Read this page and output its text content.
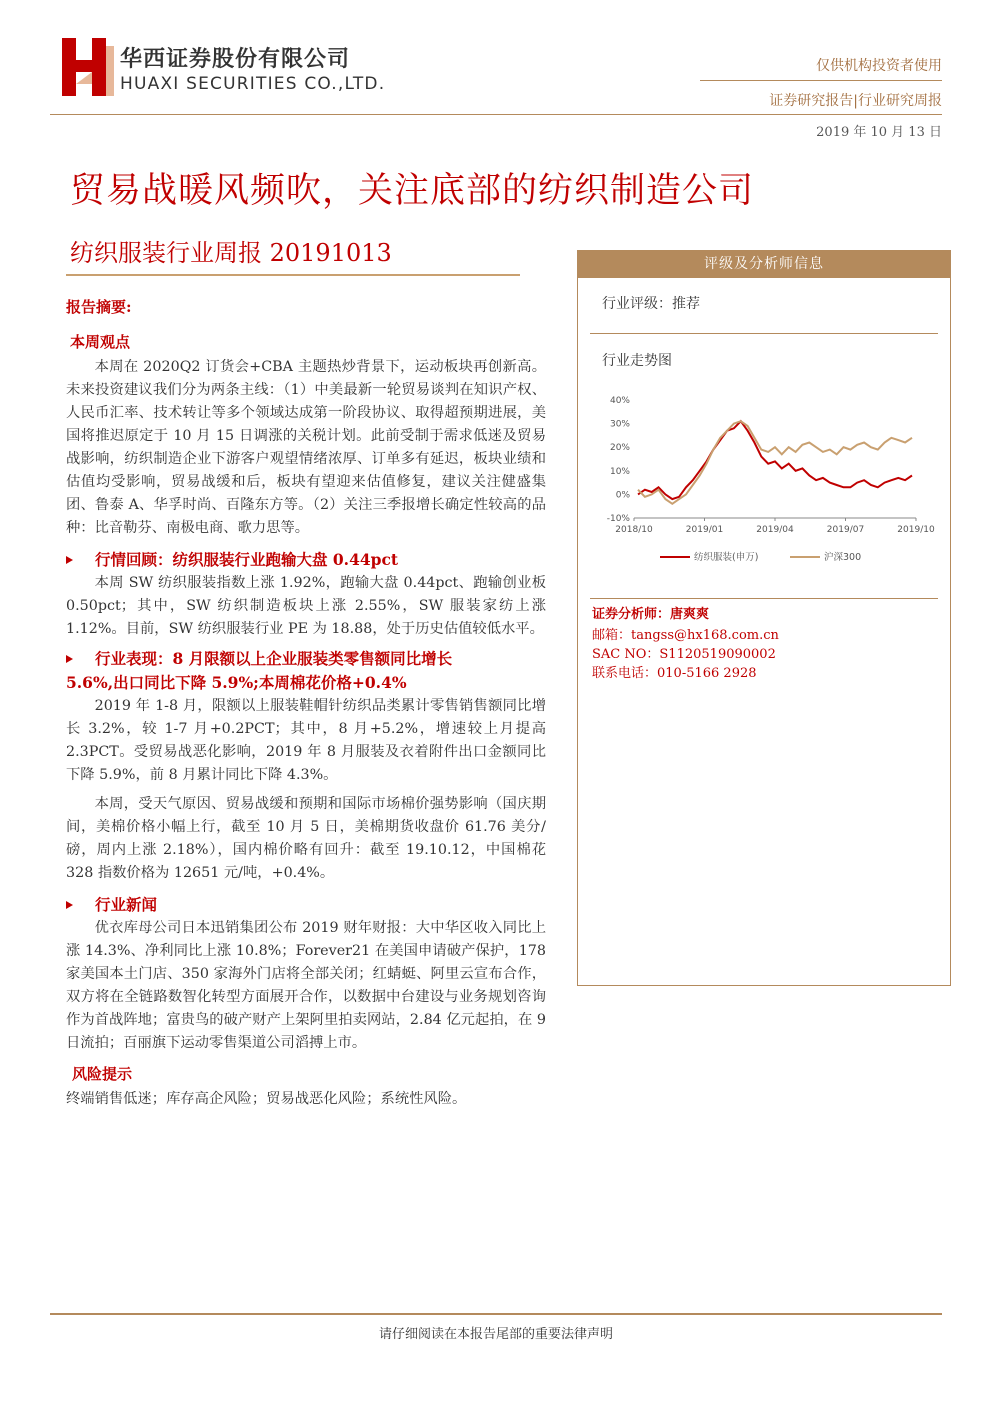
华西证券股份有限公司
HUAXI SECURITIES CO.,LTD.
仅供机构投资者使用
证券研究报告|行业研究周报
2019 年 10 月 13 日
贸易战暖风频吹，关注底部的纺织制造公司
纺织服装行业周报 20191013
报告摘要:
本周观点

本周在 2020Q2 订货会+CBA 主题热炒背景下，运动板块再创新高。未来投资建议我们分为两条主线：（1）中美最新一轮贸易谈判在知识产权、人民币汇率、技术转让等多个领域达成第一阶段协议、取得超预期进展，美国将推迟原定于 10 月 15 日调涨的关税计划。此前受制于需求低迷及贸易战影响，纺织制造企业下游客户观望情绪浓厚、订单多有延迟，板块业绩和估值均受影响，贸易战缓和后，板块有望迎来估值修复，建议关注健盛集团、鲁泰 A、华孚时尚、百隆东方等。（2）关注三季报增长确定性较高的品种：比音勒芬、南极电商、歌力思等。

行情回顾：纺织服装行业跑输大盘 0.44pct

本周 SW 纺织服装指数上涨 1.92%，跑输大盘 0.44pct、跑输创业板 0.50pct；其中，SW 纺织制造板块上涨 2.55%，SW 服装家纺上涨 1.12%。目前，SW 纺织服装行业 PE 为 18.88，处于历史估值较低水平。

行业表现：8 月限额以上企业服装类零售额同比增长
5.6%,出口同比下降 5.9%;本周棉花价格+0.4%

2019 年 1-8 月，限额以上服装鞋帽针纺织品类累计零售销售额同比增长 3.2%，较 1-7 月+0.2PCT；其中，8 月+5.2%，增速较上月提高 2.3PCT。受贸易战恶化影响，2019 年 8 月服装及衣着附件出口金额同比下降 5.9%，前 8 月累计同比下降 4.3%。

本周，受天气原因、贸易战缓和预期和国际市场棉价强势影响（国庆期间，美棉价格小幅上行，截至 10 月 5 日，美棉期货收盘价 61.76 美分/磅，周内上涨 2.18%），国内棉价略有回升：截至 19.10.12，中国棉花 328 指数价格为 12651 元/吨，+0.4%。

行业新闻

优衣库母公司日本迅销集团公布 2019 财年财报：大中华区收入同比上涨 14.3%、净利同比上涨 10.8%；Forever21 在美国申请破产保护，178 家美国本土门店、350 家海外门店将全部关闭；红蜻蜓、阿里云宣布合作，双方将在全链路数智化转型方面展开合作，以数据中台建设与业务规划咨询作为首战阵地；富贵鸟的破产财产上架阿里拍卖网站，2.84 亿元起拍，在 9 日流拍；百丽旗下运动零售渠道公司滔搏上市。

风险提示
终端销售低迷；库存高企风险；贸易战恶化风险；系统性风险。
评级及分析师信息
行业评级：推荐
行业走势图
40%
30%
20%
10%
0%
-10%
2018/10	2019/01	2019/04	2019/07	2019/10
纺织服装(申万)	沪深300
证券分析师：唐爽爽
邮箱：tangss@hx168.com.cn
SAC NO：S1120519090002
联系电话：010-5166 2928
请仔细阅读在本报告尾部的重要法律声明
